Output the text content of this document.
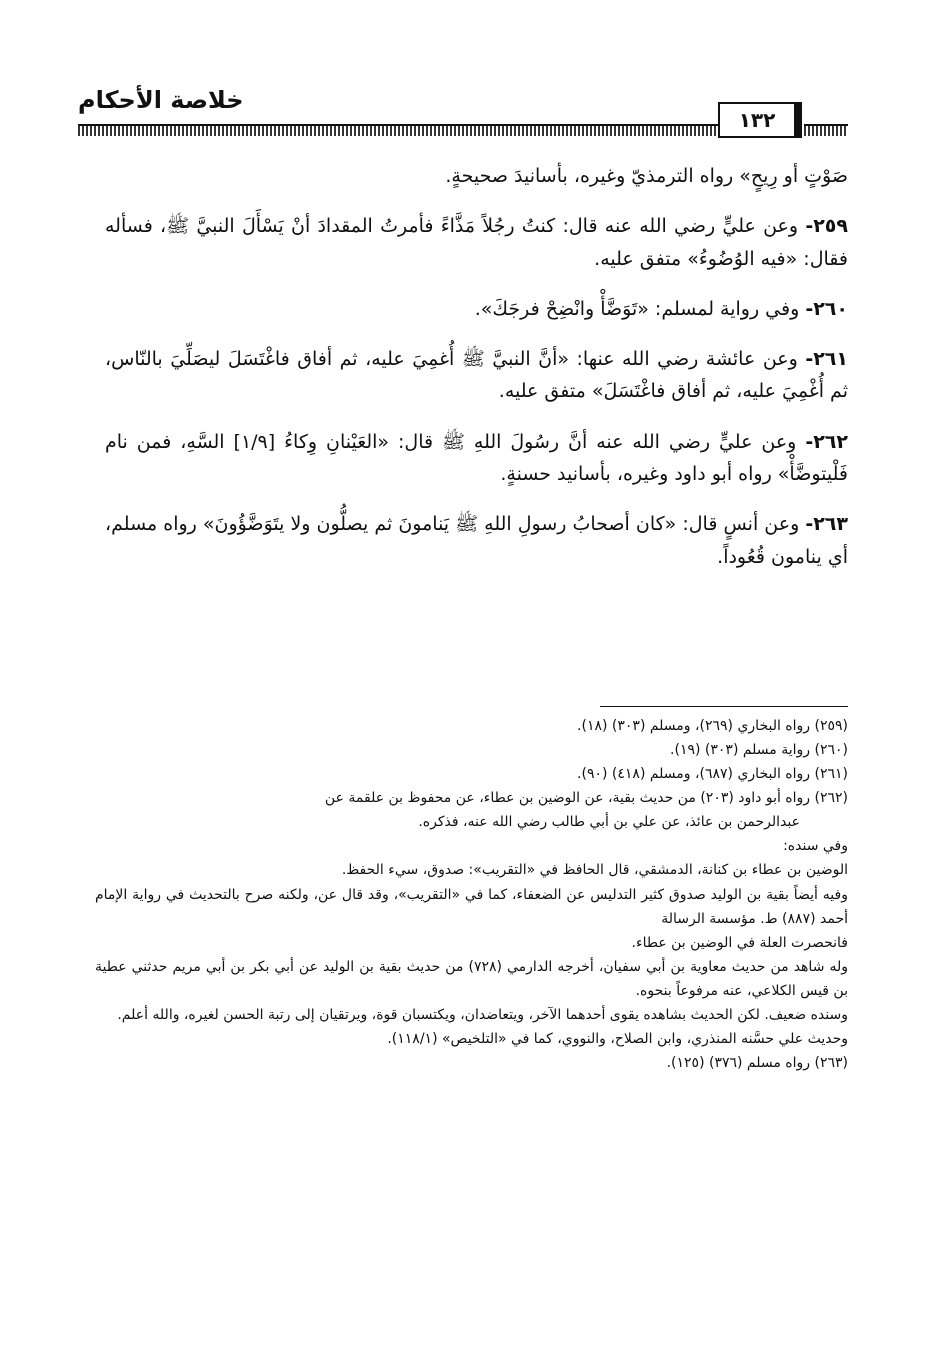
خلاصة الأحكام
١٣٢

صَوْتٍ أو رِيحٍ» رواه الترمذيّ وغيره، بأسانيدَ صحيحةٍ.

٢٥٩- وعن عليٍّ رضي الله عنه قال: كنتُ رجُلاً مَذَّاءً فأمرتُ المقدادَ أنْ يَسْأَلَ النبيَّ ﷺ، فسأله فقال: «فيه الوُضُوءُ» متفق عليه.

٢٦٠- وفي رواية لمسلم: «تَوَضَّأْ وانْضِحْ فرجَكَ».

٢٦١- وعن عائشة رضي الله عنها: «أنَّ النبيَّ ﷺ أُغمِيَ عليه، ثم أفاق فاغْتَسَلَ ليصَلِّيَ بالنّاس، ثم أُغْمِيَ عليه، ثم أفاق فاغْتَسَلَ» متفق عليه.

٢٦٢- وعن عليٍّ رضي الله عنه أنَّ رسُولَ اللهِ ﷺ قال: «العَيْنانِ وِكاءُ [١/٩] السَّهِ، فمن نام فَلْيتوضَّأْ» رواه أبو داود وغيره، بأسانيد حسنةٍ.

٢٦٣- وعن أنسٍ قال: «كان أصحابُ رسولِ اللهِ ﷺ يَنامونَ ثم يصلُّون ولا يتَوَضَّؤُونَ» رواه مسلم، أي ينامون قُعُوداً.

(٢٥٩) رواه البخاري (٢٦٩)، ومسلم (٣٠٣) (١٨).

(٢٦٠) رواية مسلم (٣٠٣) (١٩).

(٢٦١) رواه البخاري (٦٨٧)، ومسلم (٤١٨) (٩٠).

(٢٦٢) رواه أبو داود (٢٠٣) من حديث بقية، عن الوضين بن عطاء، عن محفوظ بن علقمة عن

عبدالرحمن بن عائذ، عن علي بن أبي طالب رضي الله عنه، فذكره.

وفي سنده:

الوضين بن عطاء بن كنانة، الدمشقي، قال الحافظ في «التقريب»: صدوق، سيء الحفظ.

وفيه أيضاً بقية بن الوليد صدوق كثير التدليس عن الضعفاء، كما في «التقريب»، وقد قال عن، ولكنه صرح بالتحديث في رواية الإمام أحمد (٨٨٧) ط. مؤسسة الرسالة

فانحصرت العلة في الوضين بن عطاء.

وله شاهد من حديث معاوية بن أبي سفيان، أخرجه الدارمي (٧٢٨) من حديث بقية بن الوليد عن أبي بكر بن أبي مريم حدثني عطية بن قيس الكلاعي، عنه مرفوعاً بنحوه.

وسنده ضعيف. لكن الحديث بشاهده يقوى أحدهما الآخر، ويتعاضدان، ويكتسبان قوة، ويرتقيان إلى رتبة الحسن لغيره، والله أعلم.

وحديث علي حسَّنه المنذري، وابن الصلاح، والنووي، كما في «التلخيص» (١١٨/١).

(٢٦٣) رواه مسلم (٣٧٦) (١٢٥).
